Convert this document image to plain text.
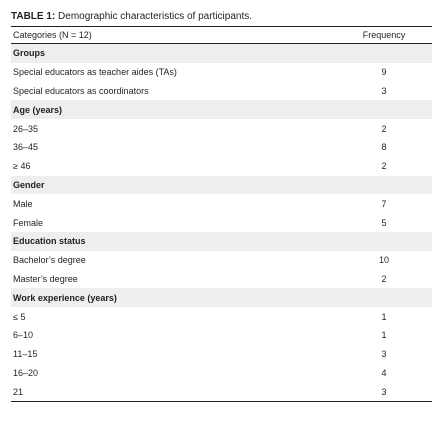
TABLE 1: Demographic characteristics of participants.
Categories (N = 12)	Frequency
Groups
Special educators as teacher aides (TAs)	9
Special educators as coordinators	3
Age (years)
26–35	2
36–45	8
≥ 46	2
Gender
Male	7
Female	5
Education status
Bachelor’s degree	10
Master’s degree	2
Work experience (years)
≤ 5	1
6–10	1
11–15	3
16–20	4
21	3
